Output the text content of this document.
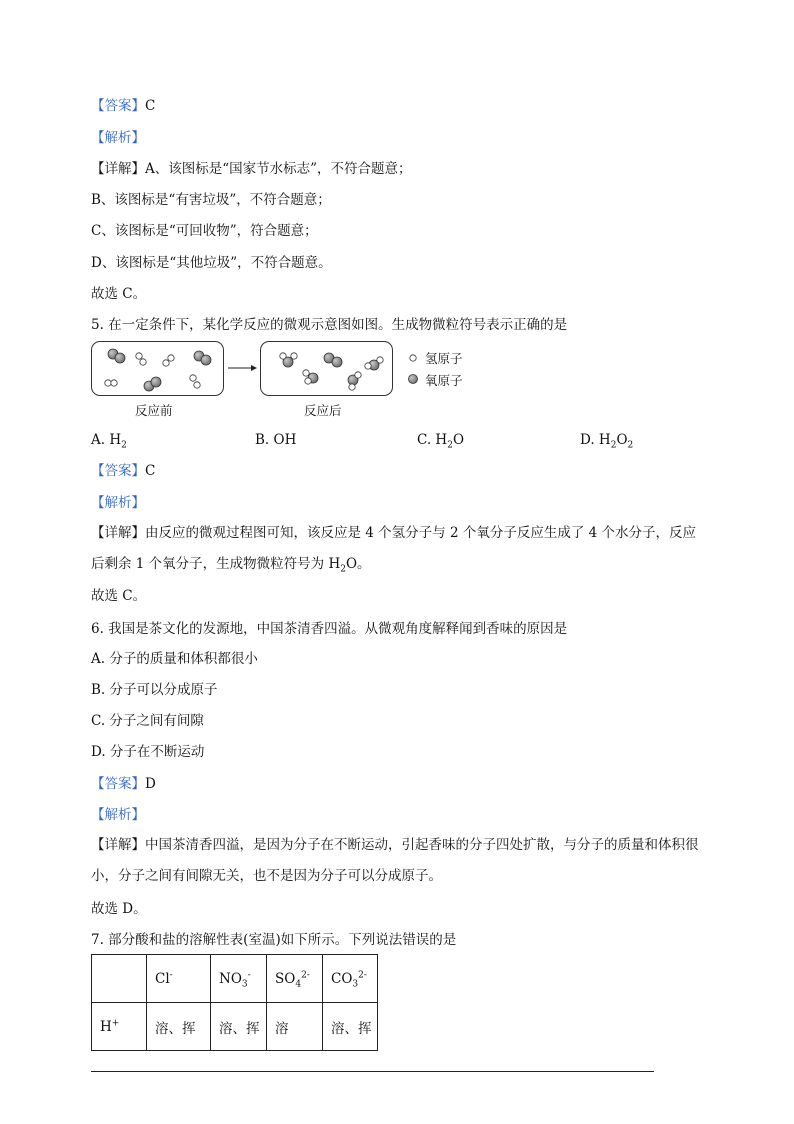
【答案】C
【解析】
【详解】A、该图标是“国家节水标志”，不符合题意；
B、该图标是“有害垃圾”，不符合题意；
C、该图标是“可回收物”，符合题意；
D、该图标是“其他垃圾”，不符合题意。
故选 C。
5. 在一定条件下，某化学反应的微观示意图如图。生成物微粒符号表示正确的是
氢原子
氧原子
反应前	反应后
A. $H_2$	B. OH	C. $H_2O$	D. $H_2O_2$
【答案】C
【解析】
【详解】由反应的微观过程图可知，该反应是 4 个氢分子与 2 个氧分子反应生成了 4 个水分子，反应后剩余 1 个氧分子，生成物微粒符号为 $H_2O$。
故选 C。
6. 我国是茶文化的发源地，中国茶清香四溢。从微观角度解释闻到香味的原因是
A. 分子的质量和体积都很小
B. 分子可以分成原子
C. 分子之间有间隙
D. 分子在不断运动
【答案】D
【解析】
【详解】中国茶清香四溢，是因为分子在不断运动，引起香味的分子四处扩散，与分子的质量和体积很小，分子之间有间隙无关，也不是因为分子可以分成原子。
故选 D。
7. 部分酸和盐的溶解性表(室温)如下所示。下列说法错误的是
	Cl-	$NO_3^-$	$SO_4^{2-}$	$CO_3^{2-}$
H+	溶、挥	溶、挥	溶	溶、挥
